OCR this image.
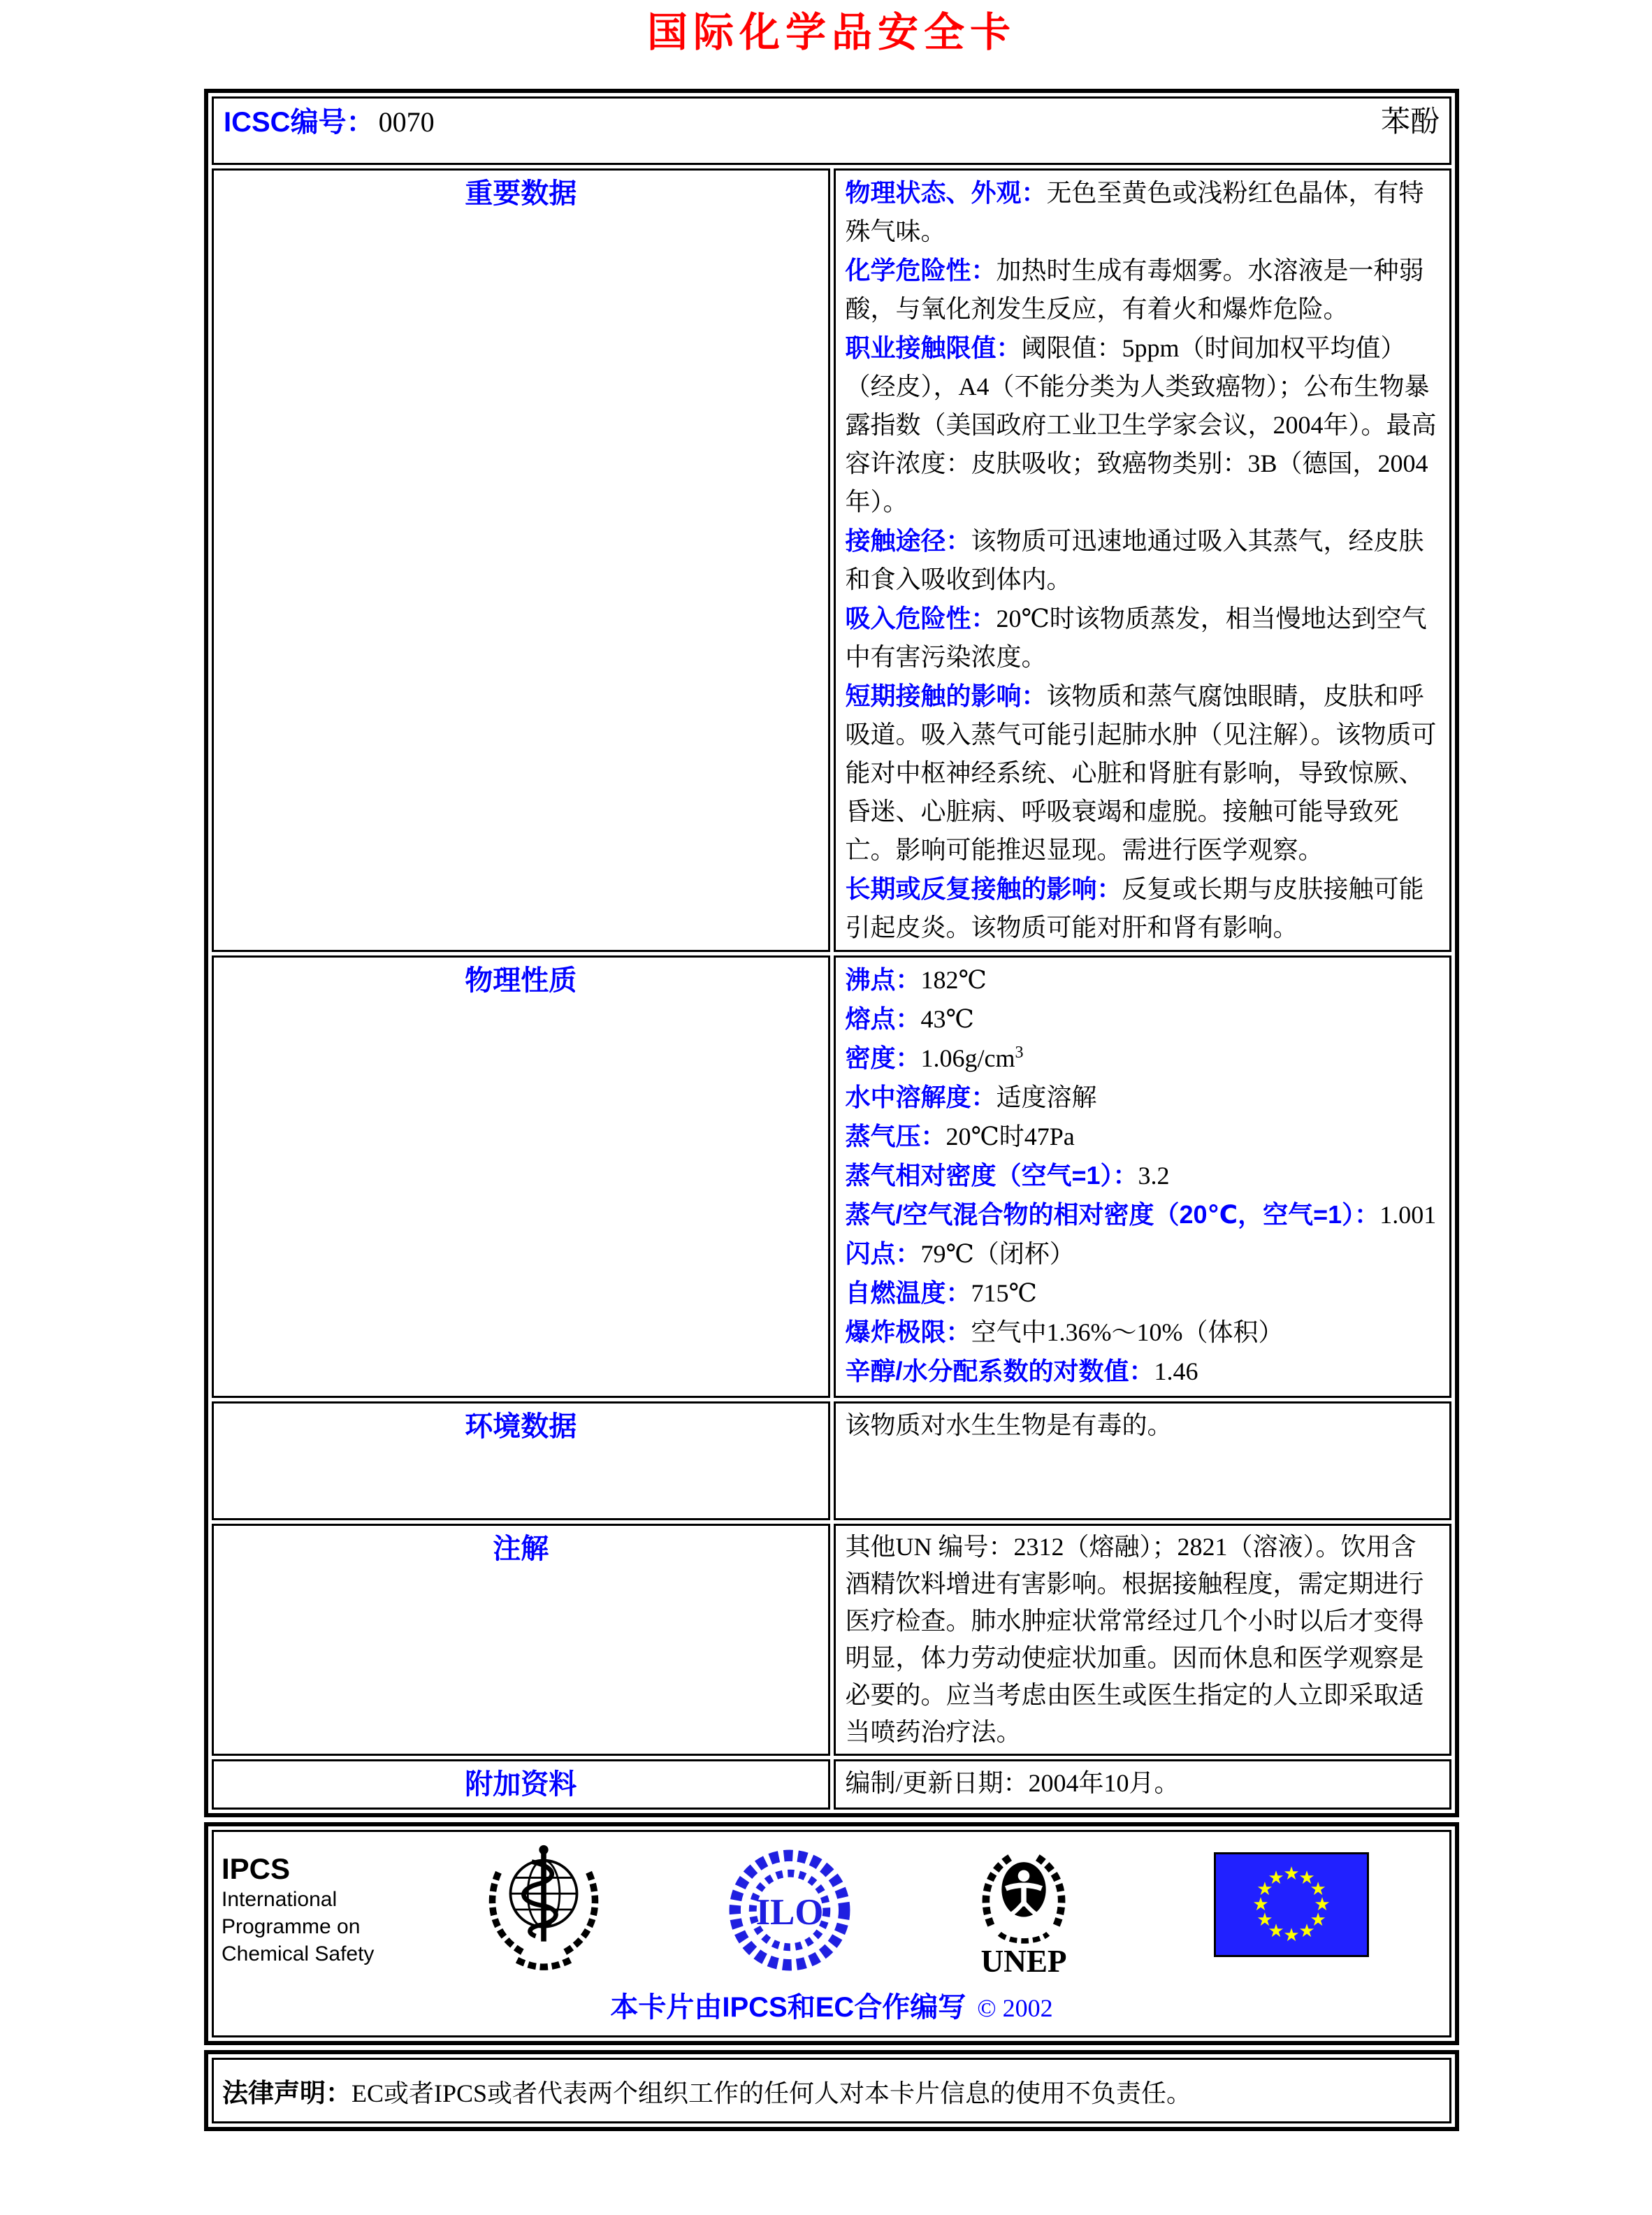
国际化学品安全卡
ICSC编号： 0070 苯酚	

重要数据	物理状态、外观：无色至黄色或浅粉红色晶体，有特殊气味。

化学危险性：加热时生成有毒烟雾。水溶液是一种弱酸，与氧化剂发生反应，有着火和爆炸危险。

职业接触限值：阈限值：5ppm（时间加权平均值）（经皮），A4（不能分类为人类致癌物）；公布生物暴露指数（美国政府工业卫生学家会议，2004年）。最高容许浓度：皮肤吸收；致癌物类别：3B（德国，2004年）。

接触途径：该物质可迅速地通过吸入其蒸气，经皮肤和食入吸收到体内。

吸入危险性：20℃时该物质蒸发，相当慢地达到空气中有害污染浓度。

短期接触的影响：该物质和蒸气腐蚀眼睛，皮肤和呼吸道。吸入蒸气可能引起肺水肿（见注解）。该物质可能对中枢神经系统、心脏和肾脏有影响，导致惊厥、昏迷、心脏病、呼吸衰竭和虚脱。接触可能导致死亡。影响可能推迟显现。需进行医学观察。

长期或反复接触的影响：反复或长期与皮肤接触可能引起皮炎。该物质可能对肝和肾有影响。

物理性质	沸点：182℃
熔点：43℃
密度：$1.06g/cm^3$
水中溶解度：适度溶解
蒸气压：20℃时47Pa
蒸气相对密度（空气=1）：3.2
蒸气/空气混合物的相对密度（20℃，空气=1）：1.001
闪点：79℃（闭杯）
自燃温度：715℃
爆炸极限：空气中1.36%～10%（体积）
辛醇/水分配系数的对数值：1.46

环境数据	该物质对水生生物是有毒的。
注解	其他UN 编号：2312（熔融）；2821（溶液）。饮用含酒精饮料增进有害影响。根据接触程度，需定期进行医疗检查。肺水肿症状常常经过几个小时以后才变得明显，体力劳动使症状加重。因而休息和医学观察是必要的。应当考虑由医生或医生指定的人立即采取适当喷药治疗法。
附加资料	编制/更新日期：2004年10月。
IPCS
International
Programme on
Chemical Safety
ILO
UNEP
★
★
★
★
★
★
★
★
★
★
★
★
本卡片由IPCS和EC合作编写 © 2002
法律声明：EC或者IPCS或者代表两个组织工作的任何人对本卡片信息的使用不负责任。
